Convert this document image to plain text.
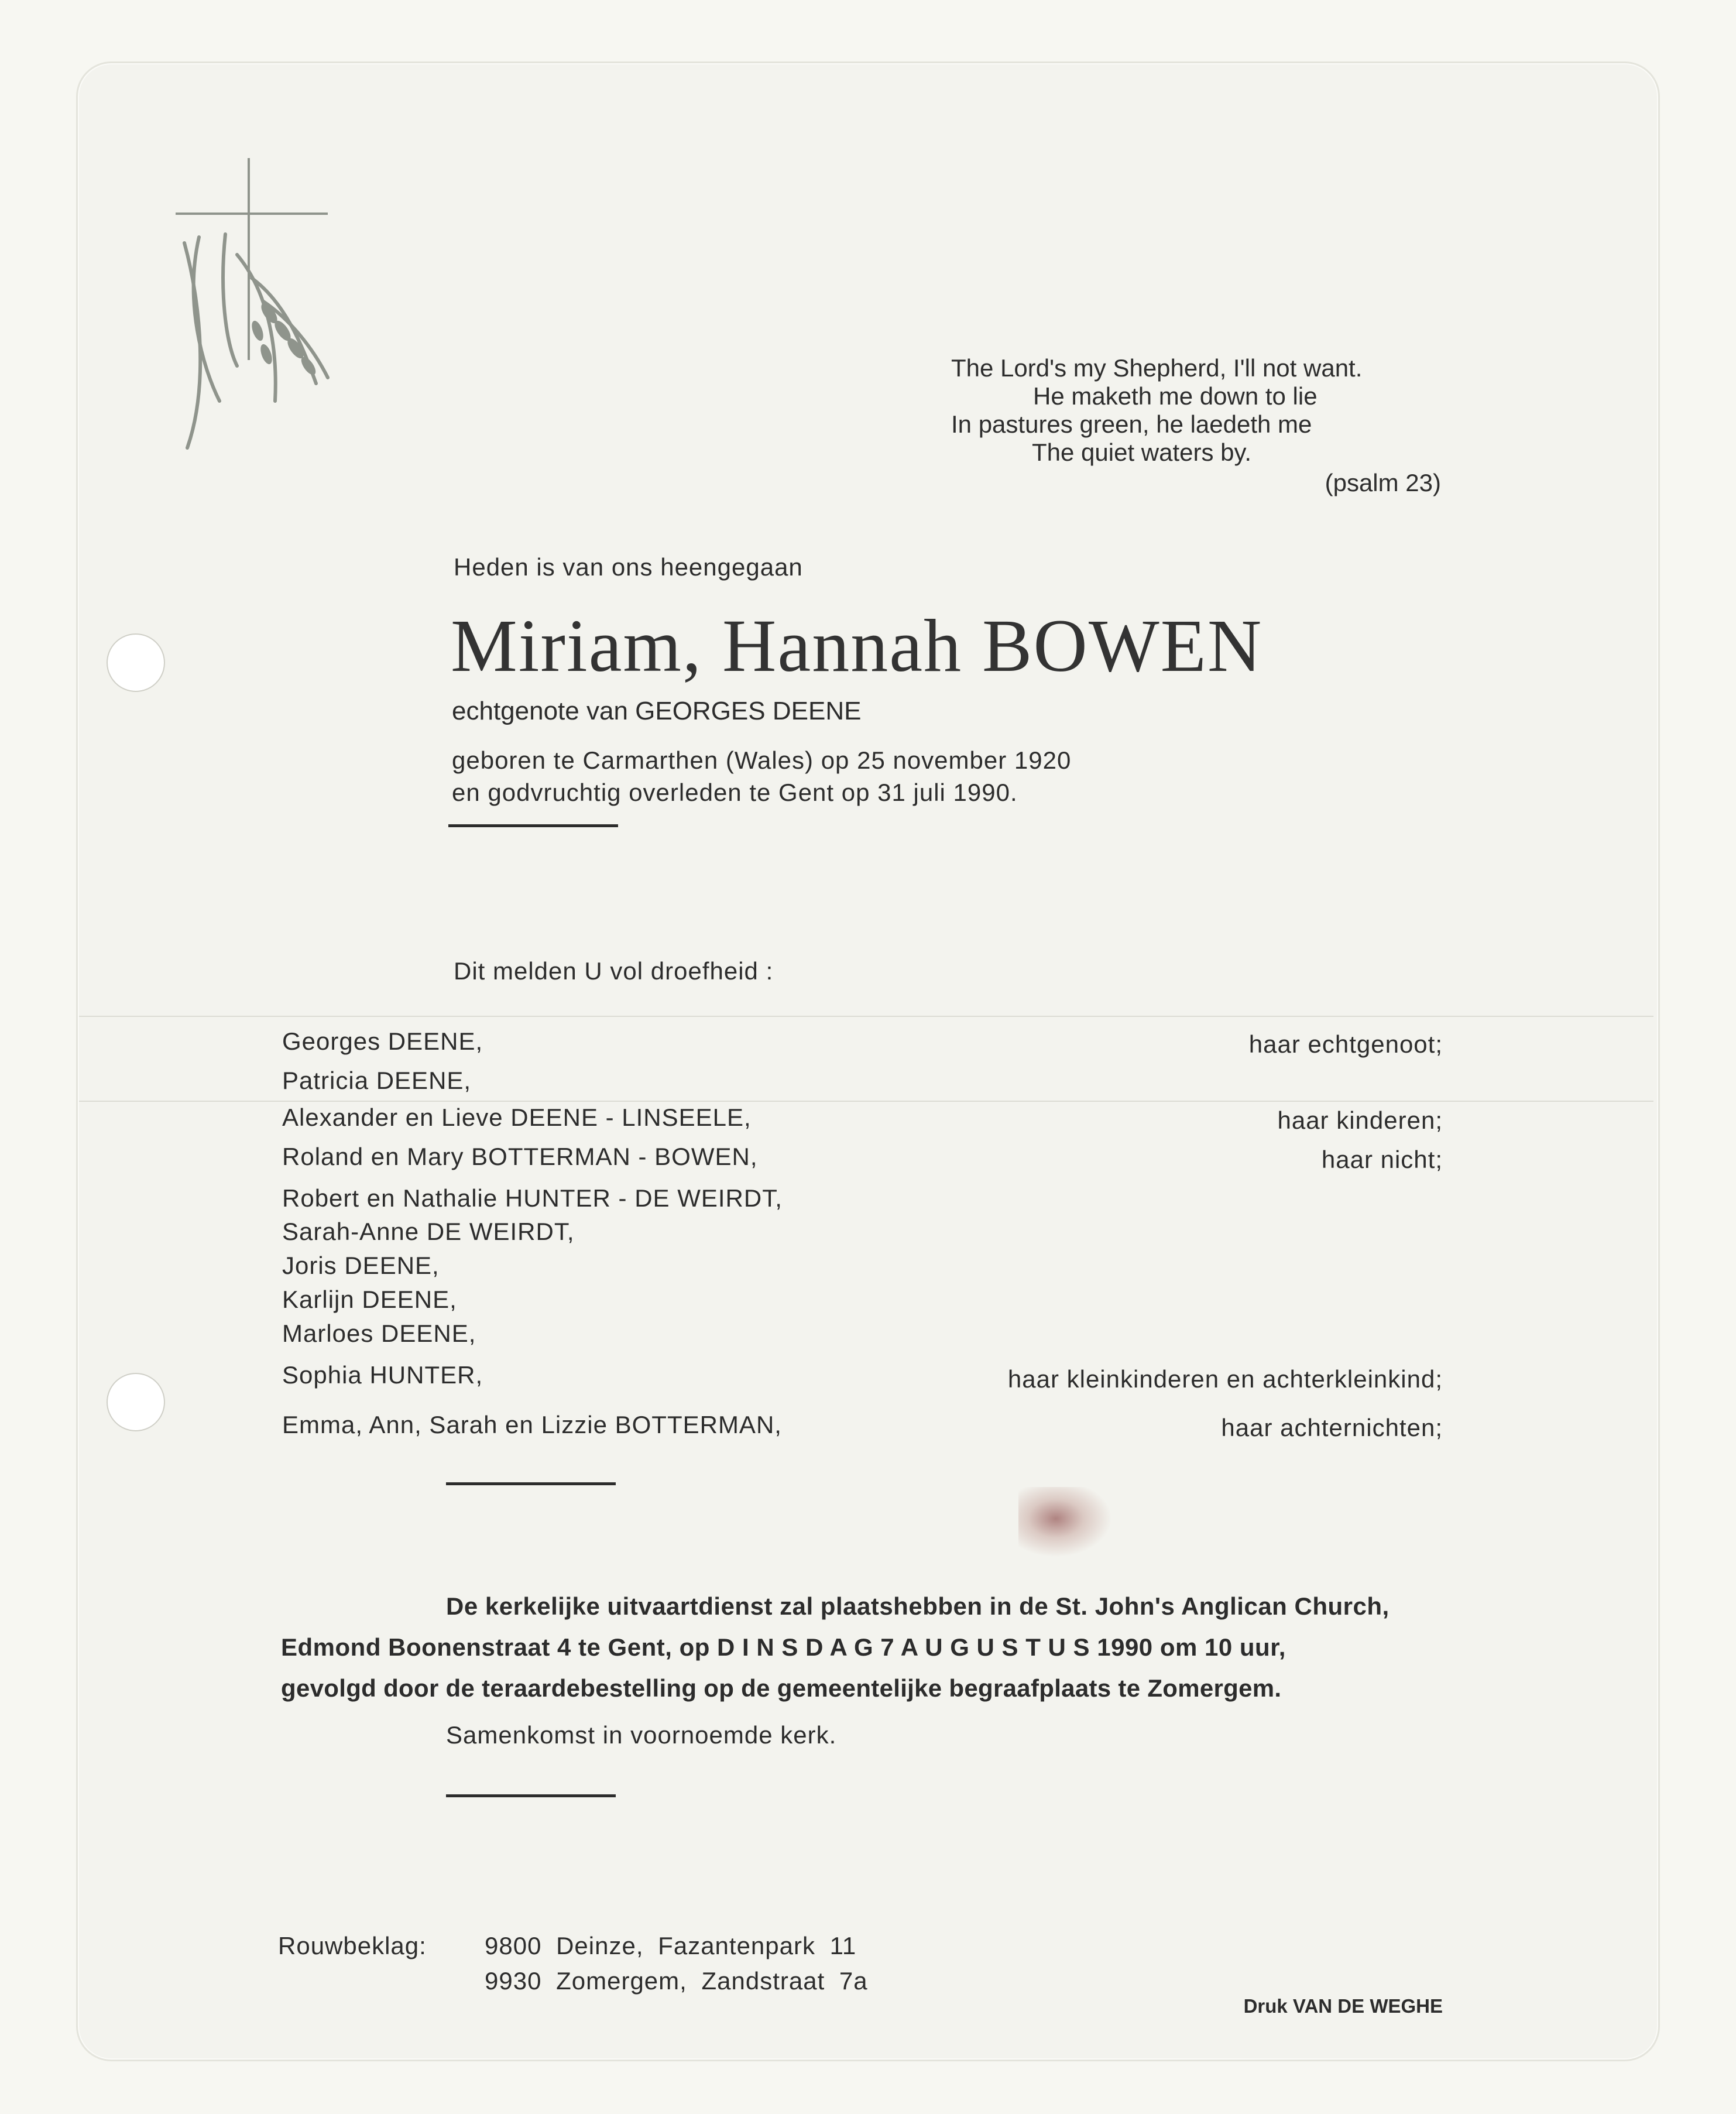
The Lord's my Shepherd, I'll not want.
He maketh me down to lie
In pastures green, he laedeth me
The quiet waters by.
(psalm 23)
Heden is van ons heengegaan
Miriam, Hannah BOWEN
echtgenote van GEORGES DEENE
geboren te Carmarthen (Wales) op 25 november 1920
en godvruchtig overleden te Gent op 31 juli 1990.
Dit melden U vol droefheid :
Georges DEENE,	haar echtgenoot;
Patricia DEENE,
Alexander en Lieve DEENE - LINSEELE,	haar kinderen;
Roland en Mary BOTTERMAN - BOWEN,	haar nicht;
Robert en Nathalie HUNTER - DE WEIRDT,
Sarah-Anne DE WEIRDT,
Joris DEENE,
Karlijn DEENE,
Marloes DEENE,
Sophia HUNTER,	haar kleinkinderen en achterkleinkind;
Emma, Ann, Sarah en Lizzie BOTTERMAN,	haar achternichten;
De kerkelijke uitvaartdienst zal plaatshebben in de St. John's Anglican Church,
Edmond Boonenstraat 4 te Gent, op D I N S D A G 7 A U G U S T U S 1990 om 10 uur,
gevolgd door de teraardebestelling op de gemeentelijke begraafplaats te Zomergem.
Samenkomst in voornoemde kerk.
Rouwbeklag: 9800 Deinze, Fazantenpark 11
9930 Zomergem, Zandstraat 7a
Druk VAN DE WEGHE
